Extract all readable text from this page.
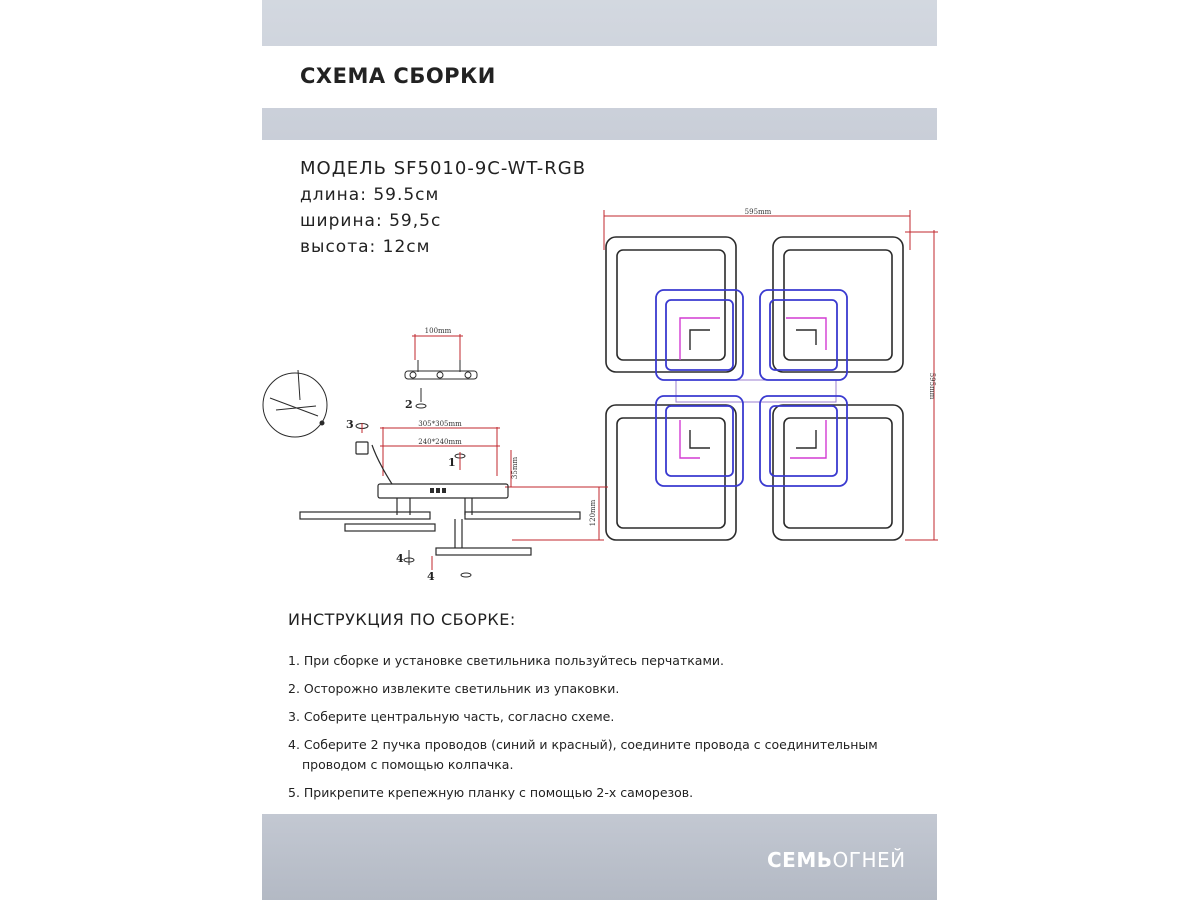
СХЕМА СБОРКИ
МОДЕЛЬ SF5010-9C-WT-RGB
длина: 59.5см
ширина: 59,5с
высота: 12см
595mm
595mm
100mm
2
3	305*305mm
240*240mm
35mm
120mm
1
4
4
ИНСТРУКЦИЯ ПО СБОРКЕ:
1. При сборке и установке светильника пользуйтесь перчатками.
2. Осторожно извлеките светильник из упаковки.
3. Соберите центральную часть, согласно схеме.
4. Соберите 2 пучка проводов (синий и красный), соедините провода с соединительным
проводом с помощью колпачка.
5. Прикрепите крепежную планку с помощью 2-х саморезов.
СЕМЬОГНЕЙ
